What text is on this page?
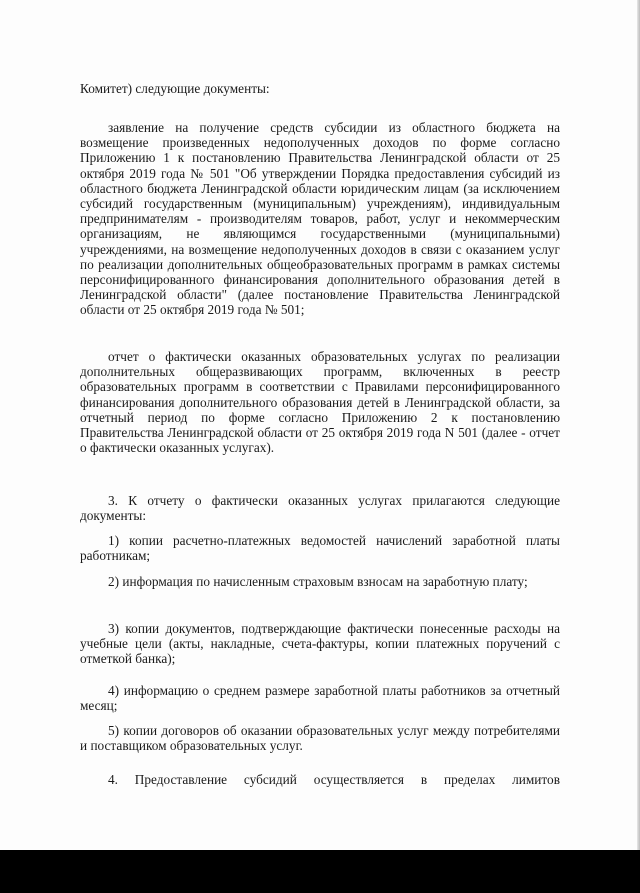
Комитет) следующие документы:

заявление на получение средств субсидии из областного бюджета на возмещение произведенных недополученных доходов по форме согласно Приложению 1 к постановлению Правительства Ленинградской области от 25 октября 2019 года № 501 "Об утверждении Порядка предоставления субсидий из областного бюджета Ленинградской области юридическим лицам (за исключением субсидий государственным (муниципальным) учреждениям), индивидуальным предпринимателям - производителям товаров, работ, услуг и некоммерческим организациям, не являющимся государственными (муниципальными) учреждениями, на возмещение недополученных доходов в связи с оказанием услуг по реализации дополнительных общеобразовательных программ в рамках системы персонифицированного финансирования дополнительного образования детей в Ленинградской области" (далее постановление Правительства Ленинградской области от 25 октября 2019 года № 501;

отчет о фактически оказанных образовательных услугах по реализации дополнительных общеразвивающих программ, включенных в реестр образовательных программ в соответствии с Правилами персонифицированного финансирования дополнительного образования детей в Ленинградской области, за отчетный период по форме согласно Приложению 2 к постановлению Правительства Ленинградской области от 25 октября 2019 года N 501 (далее - отчет о фактически оказанных услугах).

3. К отчету о фактически оказанных услугах прилагаются следующие документы:

1) копии расчетно-платежных ведомостей начислений заработной платы работникам;

2) информация по начисленным страховым взносам на заработную плату;

3) копии документов, подтверждающие фактически понесенные расходы на учебные цели (акты, накладные, счета-фактуры, копии платежных поручений с отметкой банка);

4) информацию о среднем размере заработной платы работников за отчетный месяц;

5) копии договоров об оказании образовательных услуг между потребителями и поставщиком образовательных услуг.

4. Предоставление субсидий осуществляется в пределах лимитов
